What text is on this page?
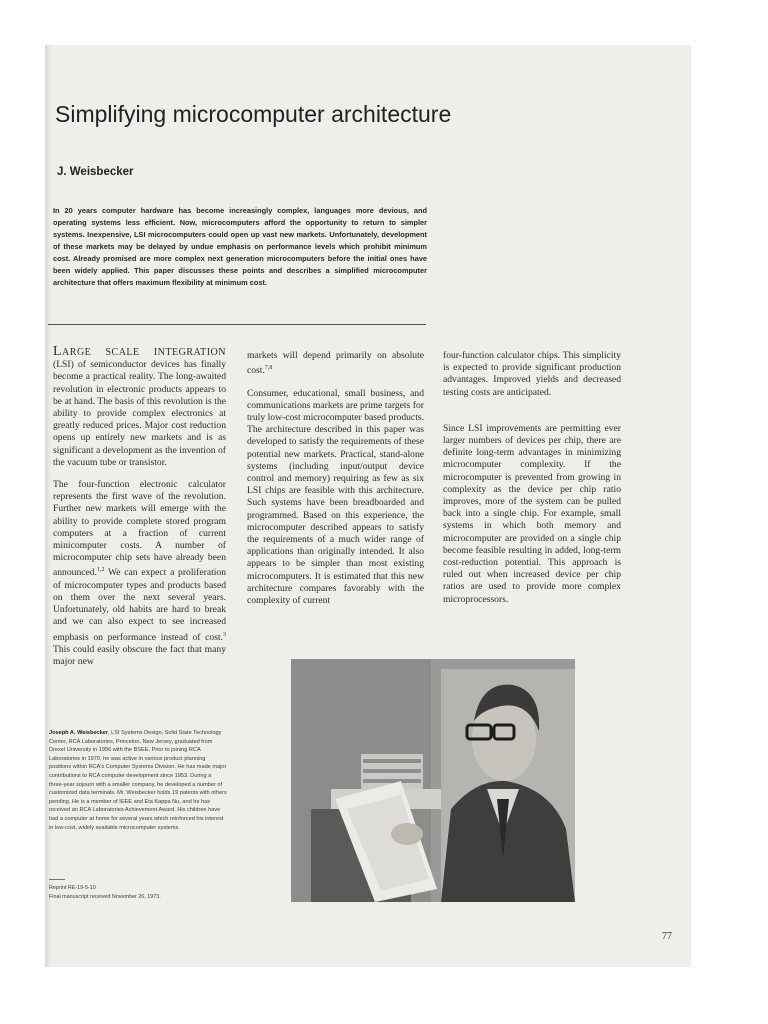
Simplifying microcomputer architecture
J. Weisbecker

In 20 years computer hardware has become increasingly complex, languages more devious, and operating systems less efficient. Now, microcomputers afford the opportunity to return to simpler systems. Inexpensive, LSI microcomputers could open up vast new markets. Unfortunately, development of these markets may be delayed by undue emphasis on performance levels which prohibit minimum cost. Already promised are more complex next generation microcomputers before the initial ones have been widely applied. This paper discusses these points and describes a simplified microcomputer architecture that offers maximum flexibility at minimum cost.

Large scale integration (LSI) of semiconductor devices has finally become a practical reality. The long-awaited revolution in electronic products appears to be at hand. The basis of this revolution is the ability to provide complex electronics at greatly reduced prices. Major cost reduction opens up entirely new markets and is as significant a development as the invention of the vacuum tube or transistor.

The four-function electronic calculator represents the first wave of the revolution. Further new markets will emerge with the ability to provide complete stored program computers at a fraction of current minicomputer costs. A number of microcomputer chip sets have already been announced.$^{1,2}$ We can expect a proliferation of microcomputer types and products based on them over the next several years. Unfortunately, old habits are hard to break and we can also expect to see increased emphasis on performance instead of cost.$^3$ This could easily obscure the fact that many major new

markets will depend primarily on absolute cost.$^{7,8}$

Consumer, educational, small business, and communications markets are prime targets for truly low-cost microcomputer based products. The architecture described in this paper was developed to satisfy the requirements of these potential new markets. Practical, stand-alone systems (including input/output device control and memory) requiring as few as six LSI chips are feasible with this architecture. Such systems have been breadboarded and programmed. Based on this experience, the microcomputer described appears to satisfy the requirements of a much wider range of applications than originally intended. It also appears to be simpler than most existing microcomputers. It is estimated that this new architecture compares favorably with the complexity of current

four-function calculator chips. This simplicity is expected to provide significant production advantages. Improved yields and decreased testing costs are anticipated.

Since LSI improvements are permitting ever larger numbers of devices per chip, there are definite long-term advantages in minimizing microcomputer complexity. If the microcomputer is prevented from growing in complexity as the device per chip ratio improves, more of the system can be pulled back into a single chip. For example, small systems in which both memory and microcomputer are provided on a single chip become feasible resulting in added, long-term cost-reduction potential. This approach is ruled out when increased device per chip ratios are used to provide more complex microprocessors.

Joseph A. Weisbecker, LSI Systems Design, Solid State Technology Center, RCA Laboratories, Princeton, New Jersey, graduated from Drexel University in 1956 with the BSEE. Prior to joining RCA Laboratories in 1970, he was active in various product planning positions within RCA's Computer Systems Division. He has made major contributions to RCA computer development since 1953. During a three-year sojourn with a smaller company, he developed a number of customized data terminals. Mr. Weisbecker holds 19 patents with others pending. He is a member of IEEE and Eta Kappa Nu, and he has received an RCA Laboratories Achievement Award. His children have had a computer at home for several years which reinforced his interest in low-cost, widely available microcomputer systems.

Reprint RE-19-5-10
Final manuscript received November 26, 1973.
77
